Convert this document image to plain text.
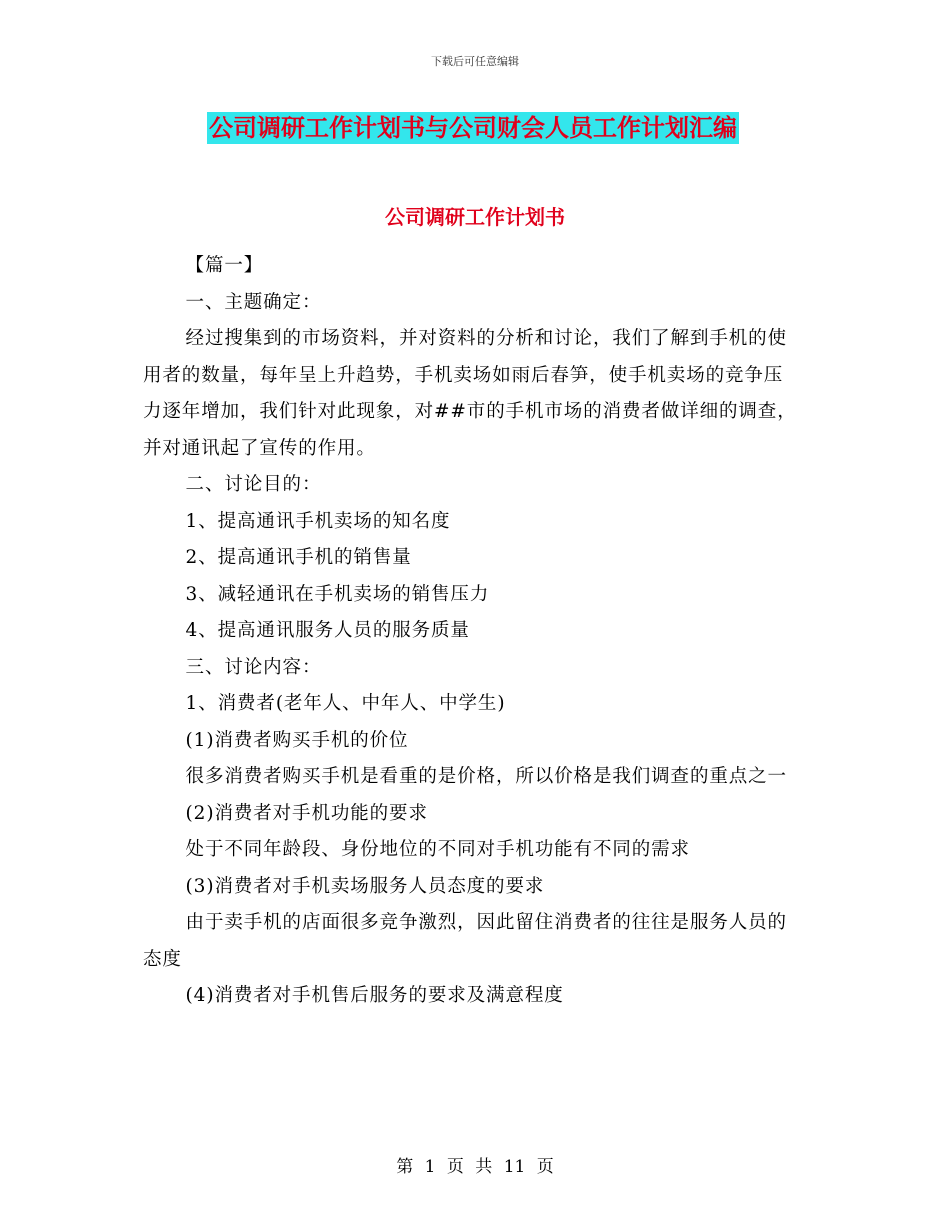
下载后可任意编辑
公司调研工作计划书与公司财会人员工作计划汇编
公司调研工作计划书

【篇一】

一、主题确定：

经过搜集到的市场资料，并对资料的分析和讨论，我们了解到手机的使用者的数量，每年呈上升趋势，手机卖场如雨后春笋，使手机卖场的竞争压力逐年增加，我们针对此现象，对##市的手机市场的消费者做详细的调查，并对通讯起了宣传的作用。

二、讨论目的：

1、提高通讯手机卖场的知名度

2、提高通讯手机的销售量

3、减轻通讯在手机卖场的销售压力

4、提高通讯服务人员的服务质量

三、讨论内容：

1、消费者(老年人、中年人、中学生)

(1)消费者购买手机的价位

很多消费者购买手机是看重的是价格，所以价格是我们调查的重点之一

(2)消费者对手机功能的要求

处于不同年龄段、身份地位的不同对手机功能有不同的需求

(3)消费者对手机卖场服务人员态度的要求

由于卖手机的店面很多竞争激烈，因此留住消费者的往往是服务人员的态度

(4)消费者对手机售后服务的要求及满意程度

第 1 页 共 11 页
